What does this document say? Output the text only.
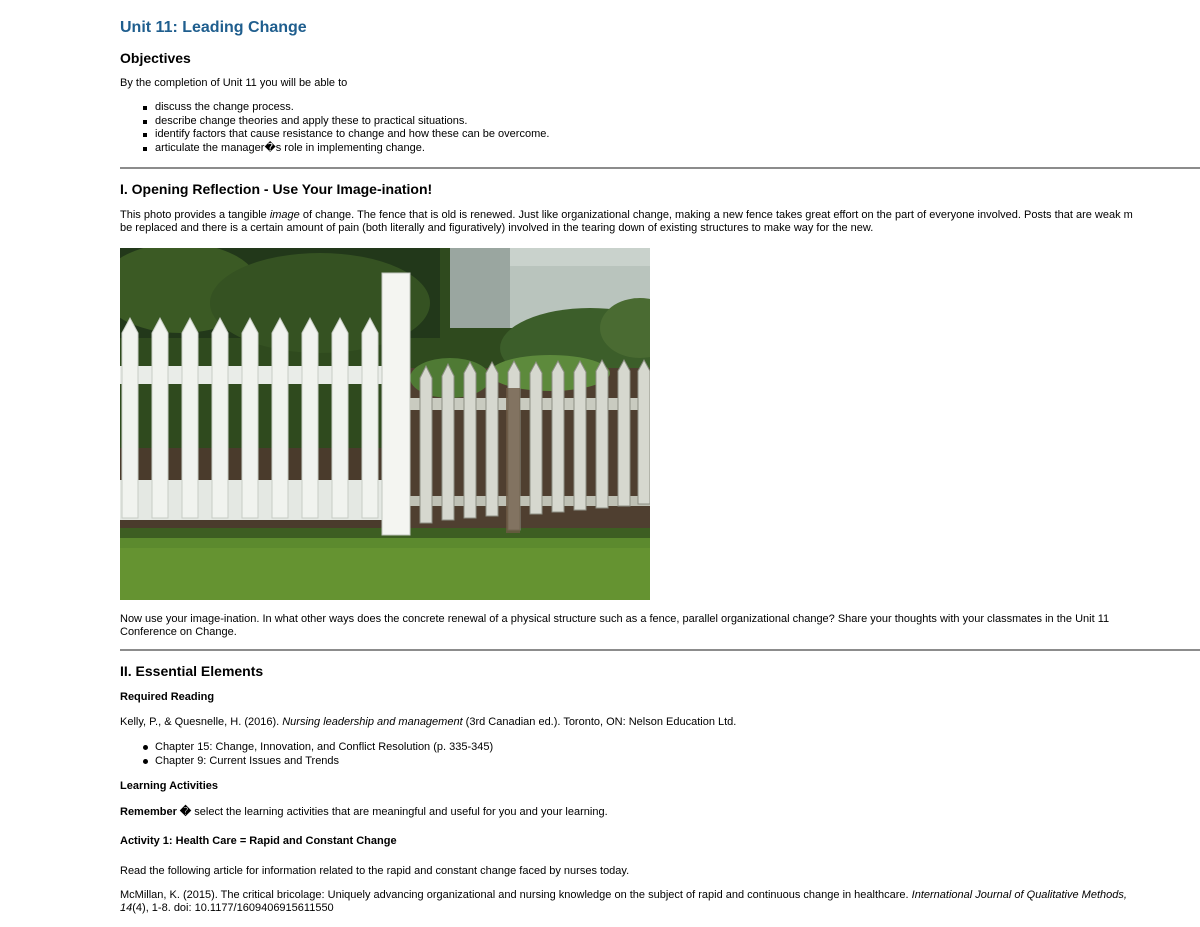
Unit 11: Leading Change
Objectives
By the completion of Unit 11 you will be able to
discuss the change process.
describe change theories and apply these to practical situations.
identify factors that cause resistance to change and how these can be overcome.
articulate the manager�s role in implementing change.
I. Opening Reflection - Use Your Image-ination!
This photo provides a tangible image of change. The fence that is old is renewed. Just like organizational change, making a new fence takes great effort on the part of everyone involved. Posts that are weak m
be replaced and there is a certain amount of pain (both literally and figuratively) involved in the tearing down of existing structures to make way for the new.
Now use your image-ination. In what other ways does the concrete renewal of a physical structure such as a fence, parallel organizational change? Share your thoughts with your classmates in the Unit 11
Conference on Change.
II. Essential Elements
Required Reading
Kelly, P., & Quesnelle, H. (2016). Nursing leadership and management (3rd Canadian ed.). Toronto, ON: Nelson Education Ltd.
Chapter 15: Change, Innovation, and Conflict Resolution (p. 335-345)
Chapter 9: Current Issues and Trends
Learning Activities
Remember � select the learning activities that are meaningful and useful for you and your learning.
Activity 1: Health Care = Rapid and Constant Change
Read the following article for information related to the rapid and constant change faced by nurses today.
McMillan, K. (2015). The critical bricolage: Uniquely advancing organizational and nursing knowledge on the subject of rapid and continuous change in healthcare. International Journal of Qualitative Methods,
14(4), 1-8. doi: 10.1177/1609406915611550
